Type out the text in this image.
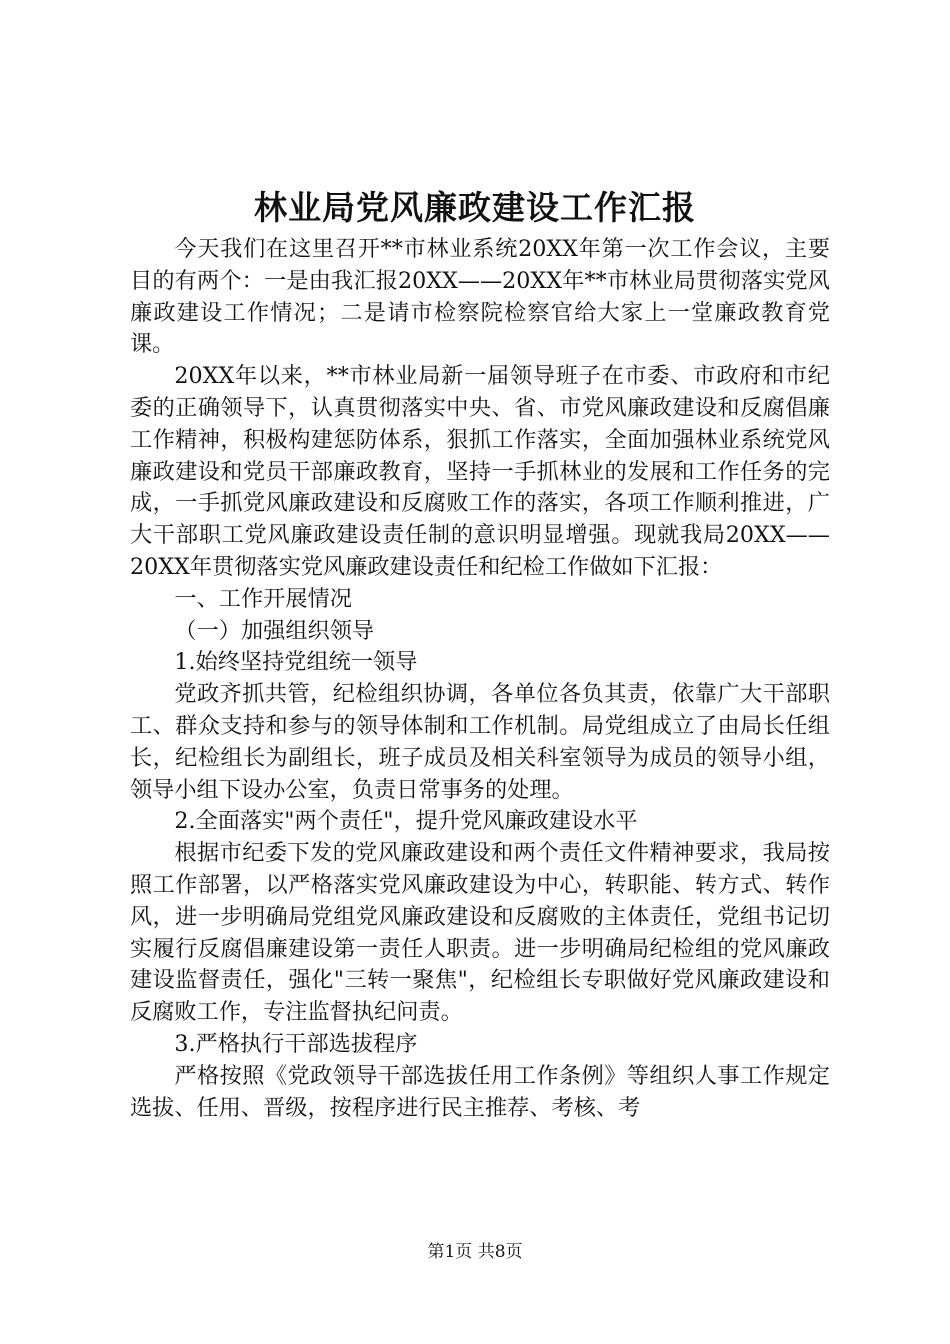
林业局党风廉政建设工作汇报

今天我们在这里召开**市林业系统20XX年第一次工作会议，主要目的有两个：一是由我汇报20XX——20XX年**市林业局贯彻落实党风廉政建设工作情况；二是请市检察院检察官给大家上一堂廉政教育党课。

20XX年以来，**市林业局新一届领导班子在市委、市政府和市纪委的正确领导下，认真贯彻落实中央、省、市党风廉政建设和反腐倡廉工作精神，积极构建惩防体系，狠抓工作落实，全面加强林业系统党风廉政建设和党员干部廉政教育，坚持一手抓林业的发展和工作任务的完成，一手抓党风廉政建设和反腐败工作的落实，各项工作顺利推进，广大干部职工党风廉政建设责任制的意识明显增强。现就我局20XX——20XX年贯彻落实党风廉政建设责任和纪检工作做如下汇报：

一、工作开展情况

（一）加强组织领导

1.始终坚持党组统一领导

党政齐抓共管，纪检组织协调，各单位各负其责，依靠广大干部职工、群众支持和参与的领导体制和工作机制。局党组成立了由局长任组长，纪检组长为副组长，班子成员及相关科室领导为成员的领导小组，领导小组下设办公室，负责日常事务的处理。

2.全面落实"两个责任"，提升党风廉政建设水平

根据市纪委下发的党风廉政建设和两个责任文件精神要求，我局按照工作部署，以严格落实党风廉政建设为中心，转职能、转方式、转作风，进一步明确局党组党风廉政建设和反腐败的主体责任，党组书记切实履行反腐倡廉建设第一责任人职责。进一步明确局纪检组的党风廉政建设监督责任，强化"三转一聚焦"，纪检组长专职做好党风廉政建设和反腐败工作，专注监督执纪问责。

3.严格执行干部选拔程序

严格按照《党政领导干部选拔任用工作条例》等组织人事工作规定选拔、任用、晋级，按程序进行民主推荐、考核、考

第1页 共8页
